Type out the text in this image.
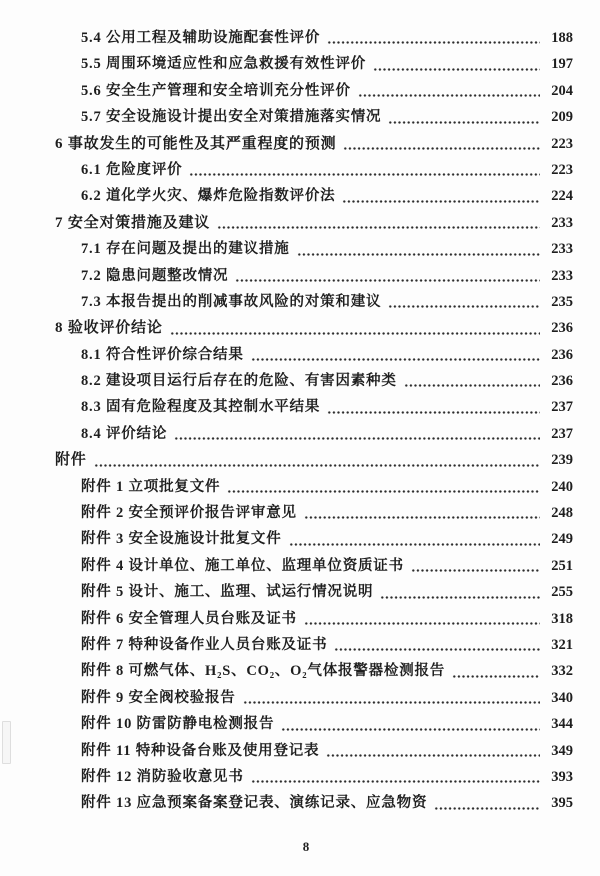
5.4 公用工程及辅助设施配套性评价	188
5.5 周围环境适应性和应急救援有效性评价	197
5.6 安全生产管理和安全培训充分性评价	204
5.7 安全设施设计提出安全对策措施落实情况	209
6 事故发生的可能性及其严重程度的预测	223
6.1 危险度评价	223
6.2 道化学火灾、爆炸危险指数评价法	224
7 安全对策措施及建议	233
7.1 存在问题及提出的建议措施	233
7.2 隐患问题整改情况	233
7.3 本报告提出的削减事故风险的对策和建议	235
8 验收评价结论	236
8.1 符合性评价综合结果	236
8.2 建设项目运行后存在的危险、有害因素种类	236
8.3 固有危险程度及其控制水平结果	237
8.4 评价结论	237
附件	239
附件 1 立项批复文件	240
附件 2 安全预评价报告评审意见	248
附件 3 安全设施设计批复文件	249
附件 4 设计单位、施工单位、监理单位资质证书	251
附件 5 设计、施工、监理、试运行情况说明	255
附件 6 安全管理人员台账及证书	318
附件 7 特种设备作业人员台账及证书	321
附件 8 可燃气体、H₂S、CO₂、O₂气体报警器检测报告	332
附件 9 安全阀校验报告	340
附件 10 防雷防静电检测报告	344
附件 11 特种设备台账及使用登记表	349
附件 12 消防验收意见书	393
附件 13 应急预案备案登记表、演练记录、应急物资	395
8
